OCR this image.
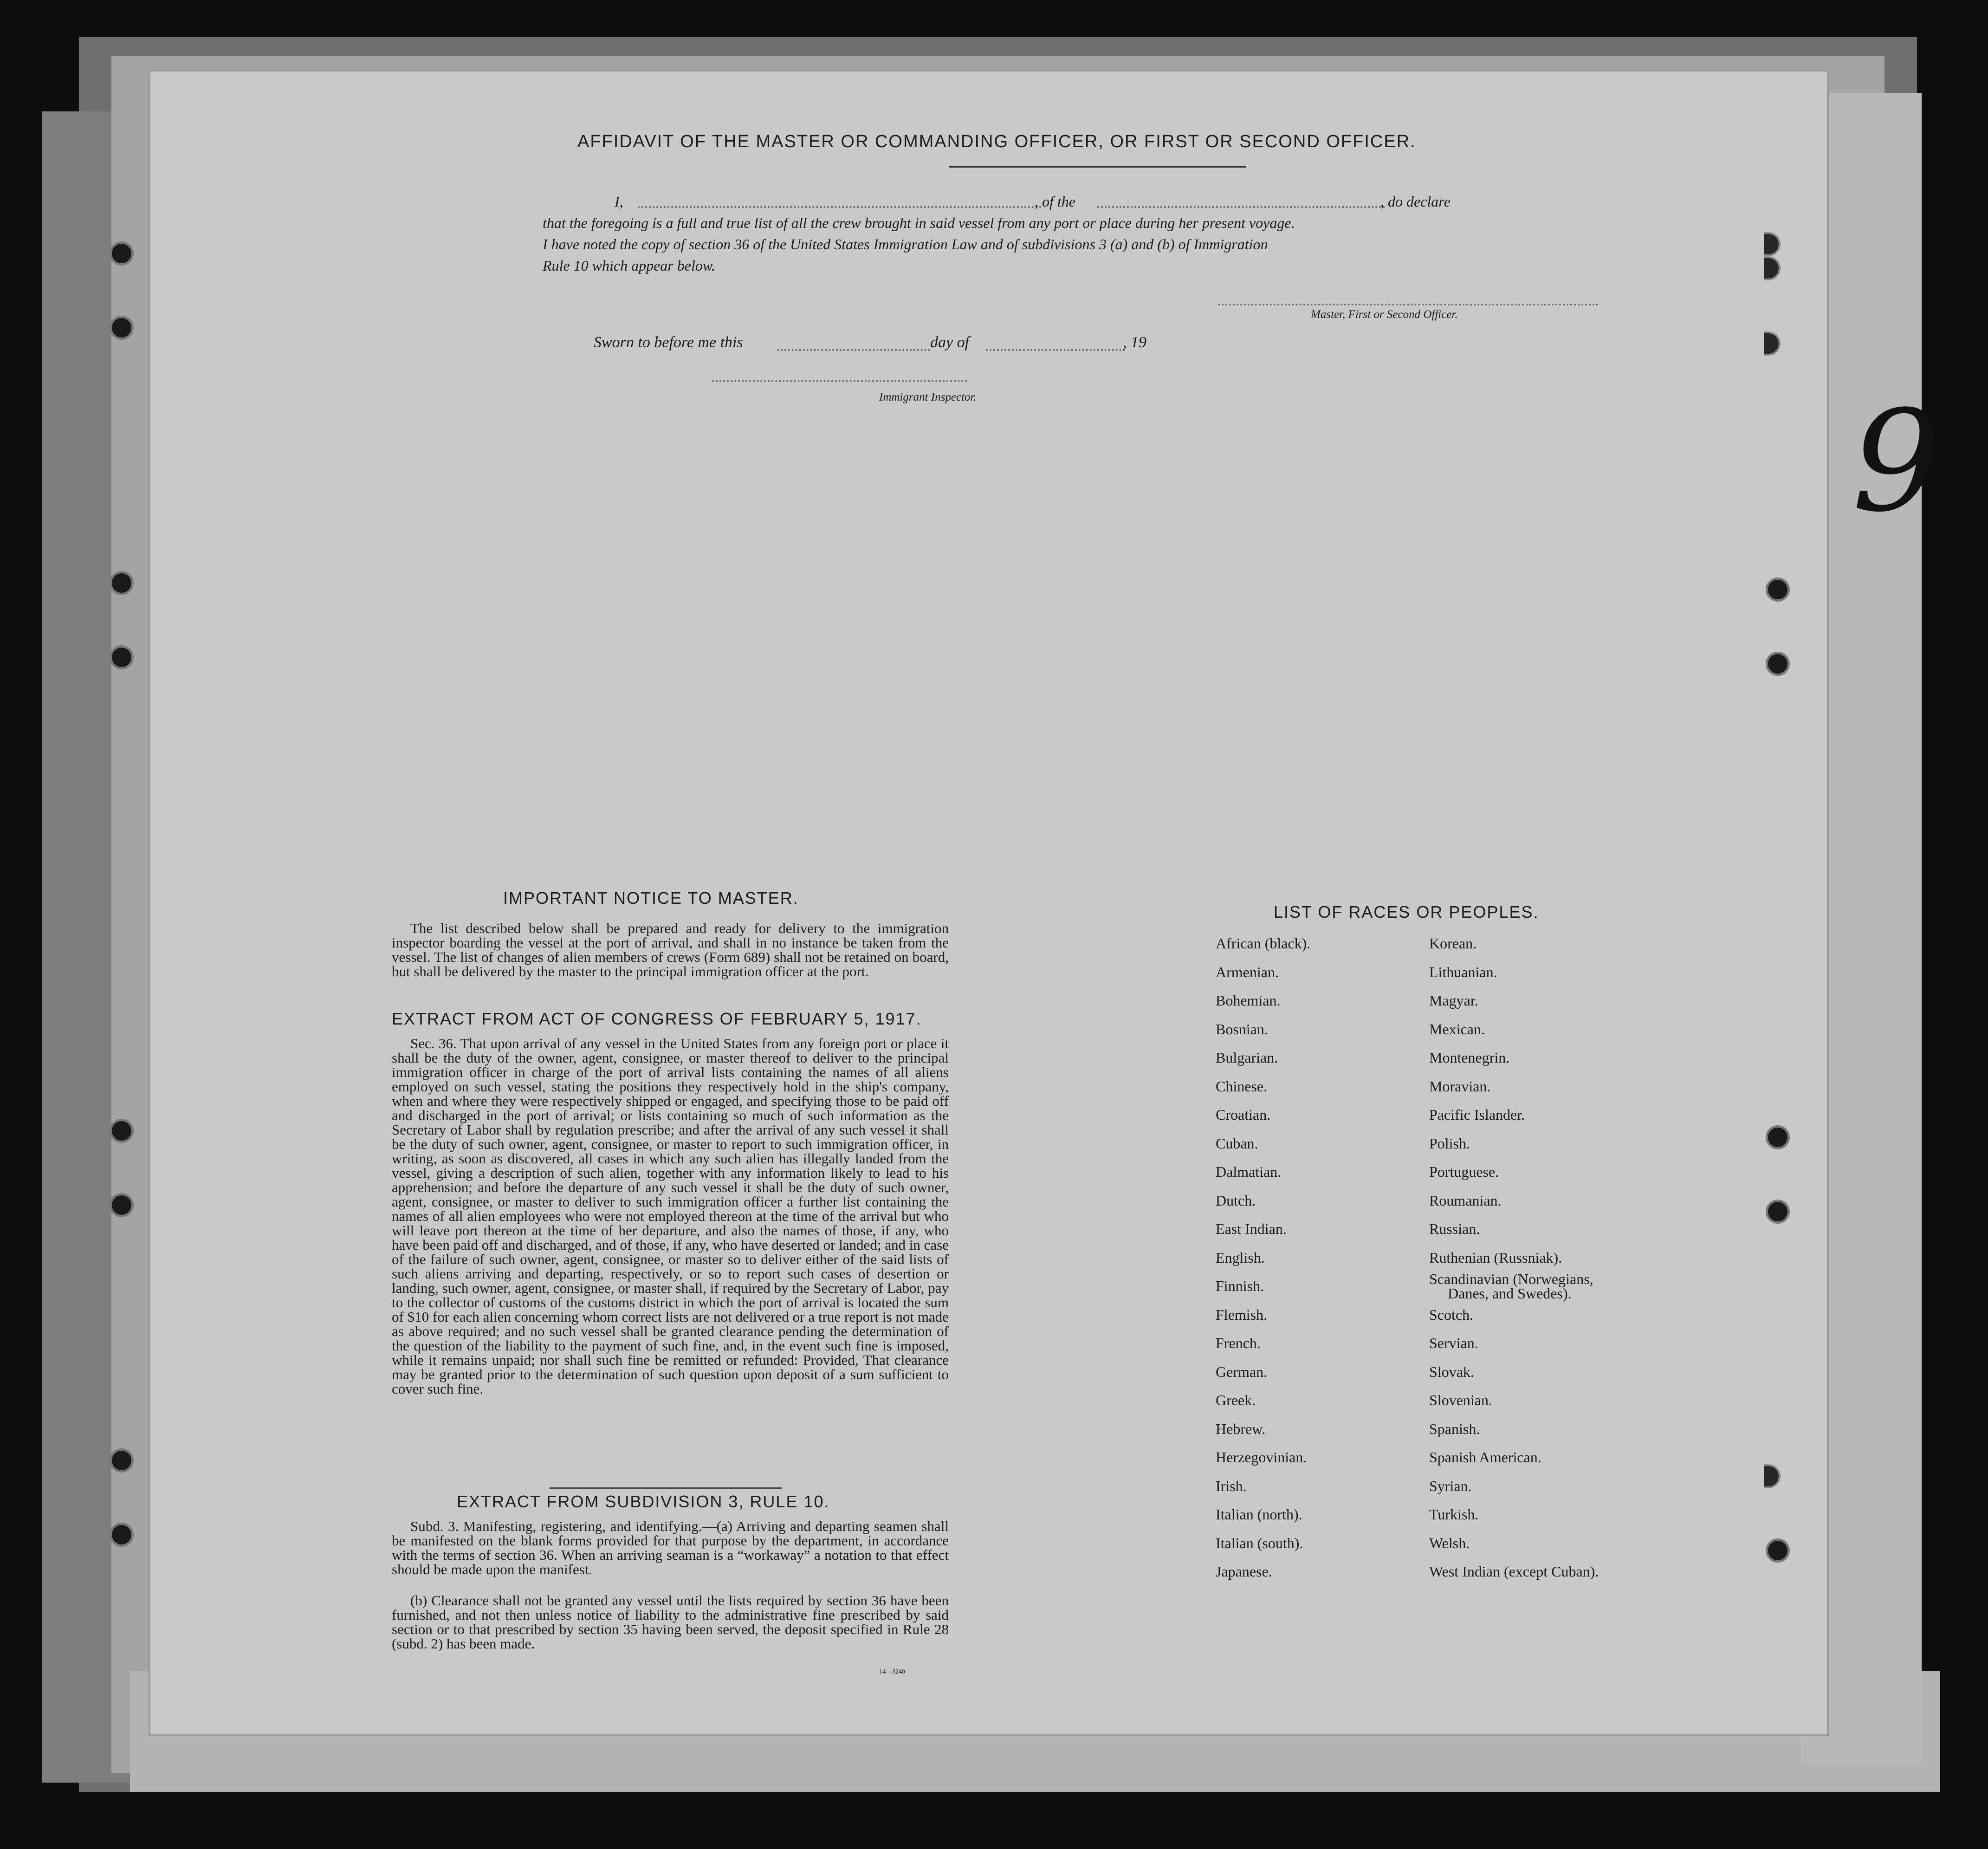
AFFIDAVIT OF THE MASTER OR COMMANDING OFFICER, OR FIRST OR SECOND OFFICER.
I,	, of the	, do declare
that the foregoing is a full and true list of all the crew brought in said vessel from any port or place during her present voyage.
I have noted the copy of section 36 of the United States Immigration Law and of subdivisions 3 (a) and (b) of Immigration
Rule 10 which appear below.
Master, First or Second Officer.
Sworn to before me this	day of	, 19
Immigrant Inspector.
IMPORTANT NOTICE TO MASTER.

The list described below shall be prepared and ready for delivery to the immigration inspector boarding the vessel at the port of arrival, and shall in no instance be taken from the vessel. The list of changes of alien members of crews (Form 689) shall not be retained on board, but shall be delivered by the master to the principal immigration officer at the port.

EXTRACT FROM ACT OF CONGRESS OF FEBRUARY 5, 1917.

Sec. 36. That upon arrival of any vessel in the United States from any foreign port or place it shall be the duty of the owner, agent, consignee, or master thereof to deliver to the principal immigration officer in charge of the port of arrival lists containing the names of all aliens employed on such vessel, stating the positions they respectively hold in the ship's company, when and where they were respectively shipped or engaged, and specifying those to be paid off and discharged in the port of arrival; or lists containing so much of such information as the Secretary of Labor shall by regulation prescribe; and after the arrival of any such vessel it shall be the duty of such owner, agent, consignee, or master to report to such immigration officer, in writing, as soon as discovered, all cases in which any such alien has illegally landed from the vessel, giving a description of such alien, together with any information likely to lead to his apprehension; and before the departure of any such vessel it shall be the duty of such owner, agent, consignee, or master to deliver to such immigration officer a further list containing the names of all alien employees who were not employed thereon at the time of the arrival but who will leave port thereon at the time of her departure, and also the names of those, if any, who have been paid off and discharged, and of those, if any, who have deserted or landed; and in case of the failure of such owner, agent, consignee, or master so to deliver either of the said lists of such aliens arriving and departing, respectively, or so to report such cases of desertion or landing, such owner, agent, consignee, or master shall, if required by the Secretary of Labor, pay to the collector of customs of the customs district in which the port of arrival is located the sum of $10 for each alien concerning whom correct lists are not delivered or a true report is not made as above required; and no such vessel shall be granted clearance pending the determination of the question of the liability to the payment of such fine, and, in the event such fine is imposed, while it remains unpaid; nor shall such fine be remitted or refunded: Provided, That clearance may be granted prior to the determination of such question upon deposit of a sum sufficient to cover such fine.

EXTRACT FROM SUBDIVISION 3, RULE 10.

Subd. 3. Manifesting, registering, and identifying.—(a) Arriving and departing seamen shall be manifested on the blank forms provided for that purpose by the department, in accordance with the terms of section 36. When an arriving seaman is a “workaway” a notation to that effect should be made upon the manifest.

(b) Clearance shall not be granted any vessel until the lists required by section 36 have been furnished, and not then unless notice of liability to the administrative fine prescribed by said section or to that prescribed by section 35 having been served, the deposit specified in Rule 28 (subd. 2) has been made.

14—3240
LIST OF RACES OR PEOPLES.
African (black).
Armenian.
Bohemian.
Bosnian.
Bulgarian.
Chinese.
Croatian.
Cuban.
Dalmatian.
Dutch.
East Indian.
English.
Finnish.
Flemish.
French.
German.
Greek.
Hebrew.
Herzegovinian.
Irish.
Italian (north).
Italian (south).
Japanese.
Korean.
Lithuanian.
Magyar.
Mexican.
Montenegrin.
Moravian.
Pacific Islander.
Polish.
Portuguese.
Roumanian.
Russian.
Ruthenian (Russniak).
Scandinavian (Norwegians,
Danes, and Swedes).
Scotch.
Servian.
Slovak.
Slovenian.
Spanish.
Spanish American.
Syrian.
Turkish.
Welsh.
West Indian (except Cuban).
9
